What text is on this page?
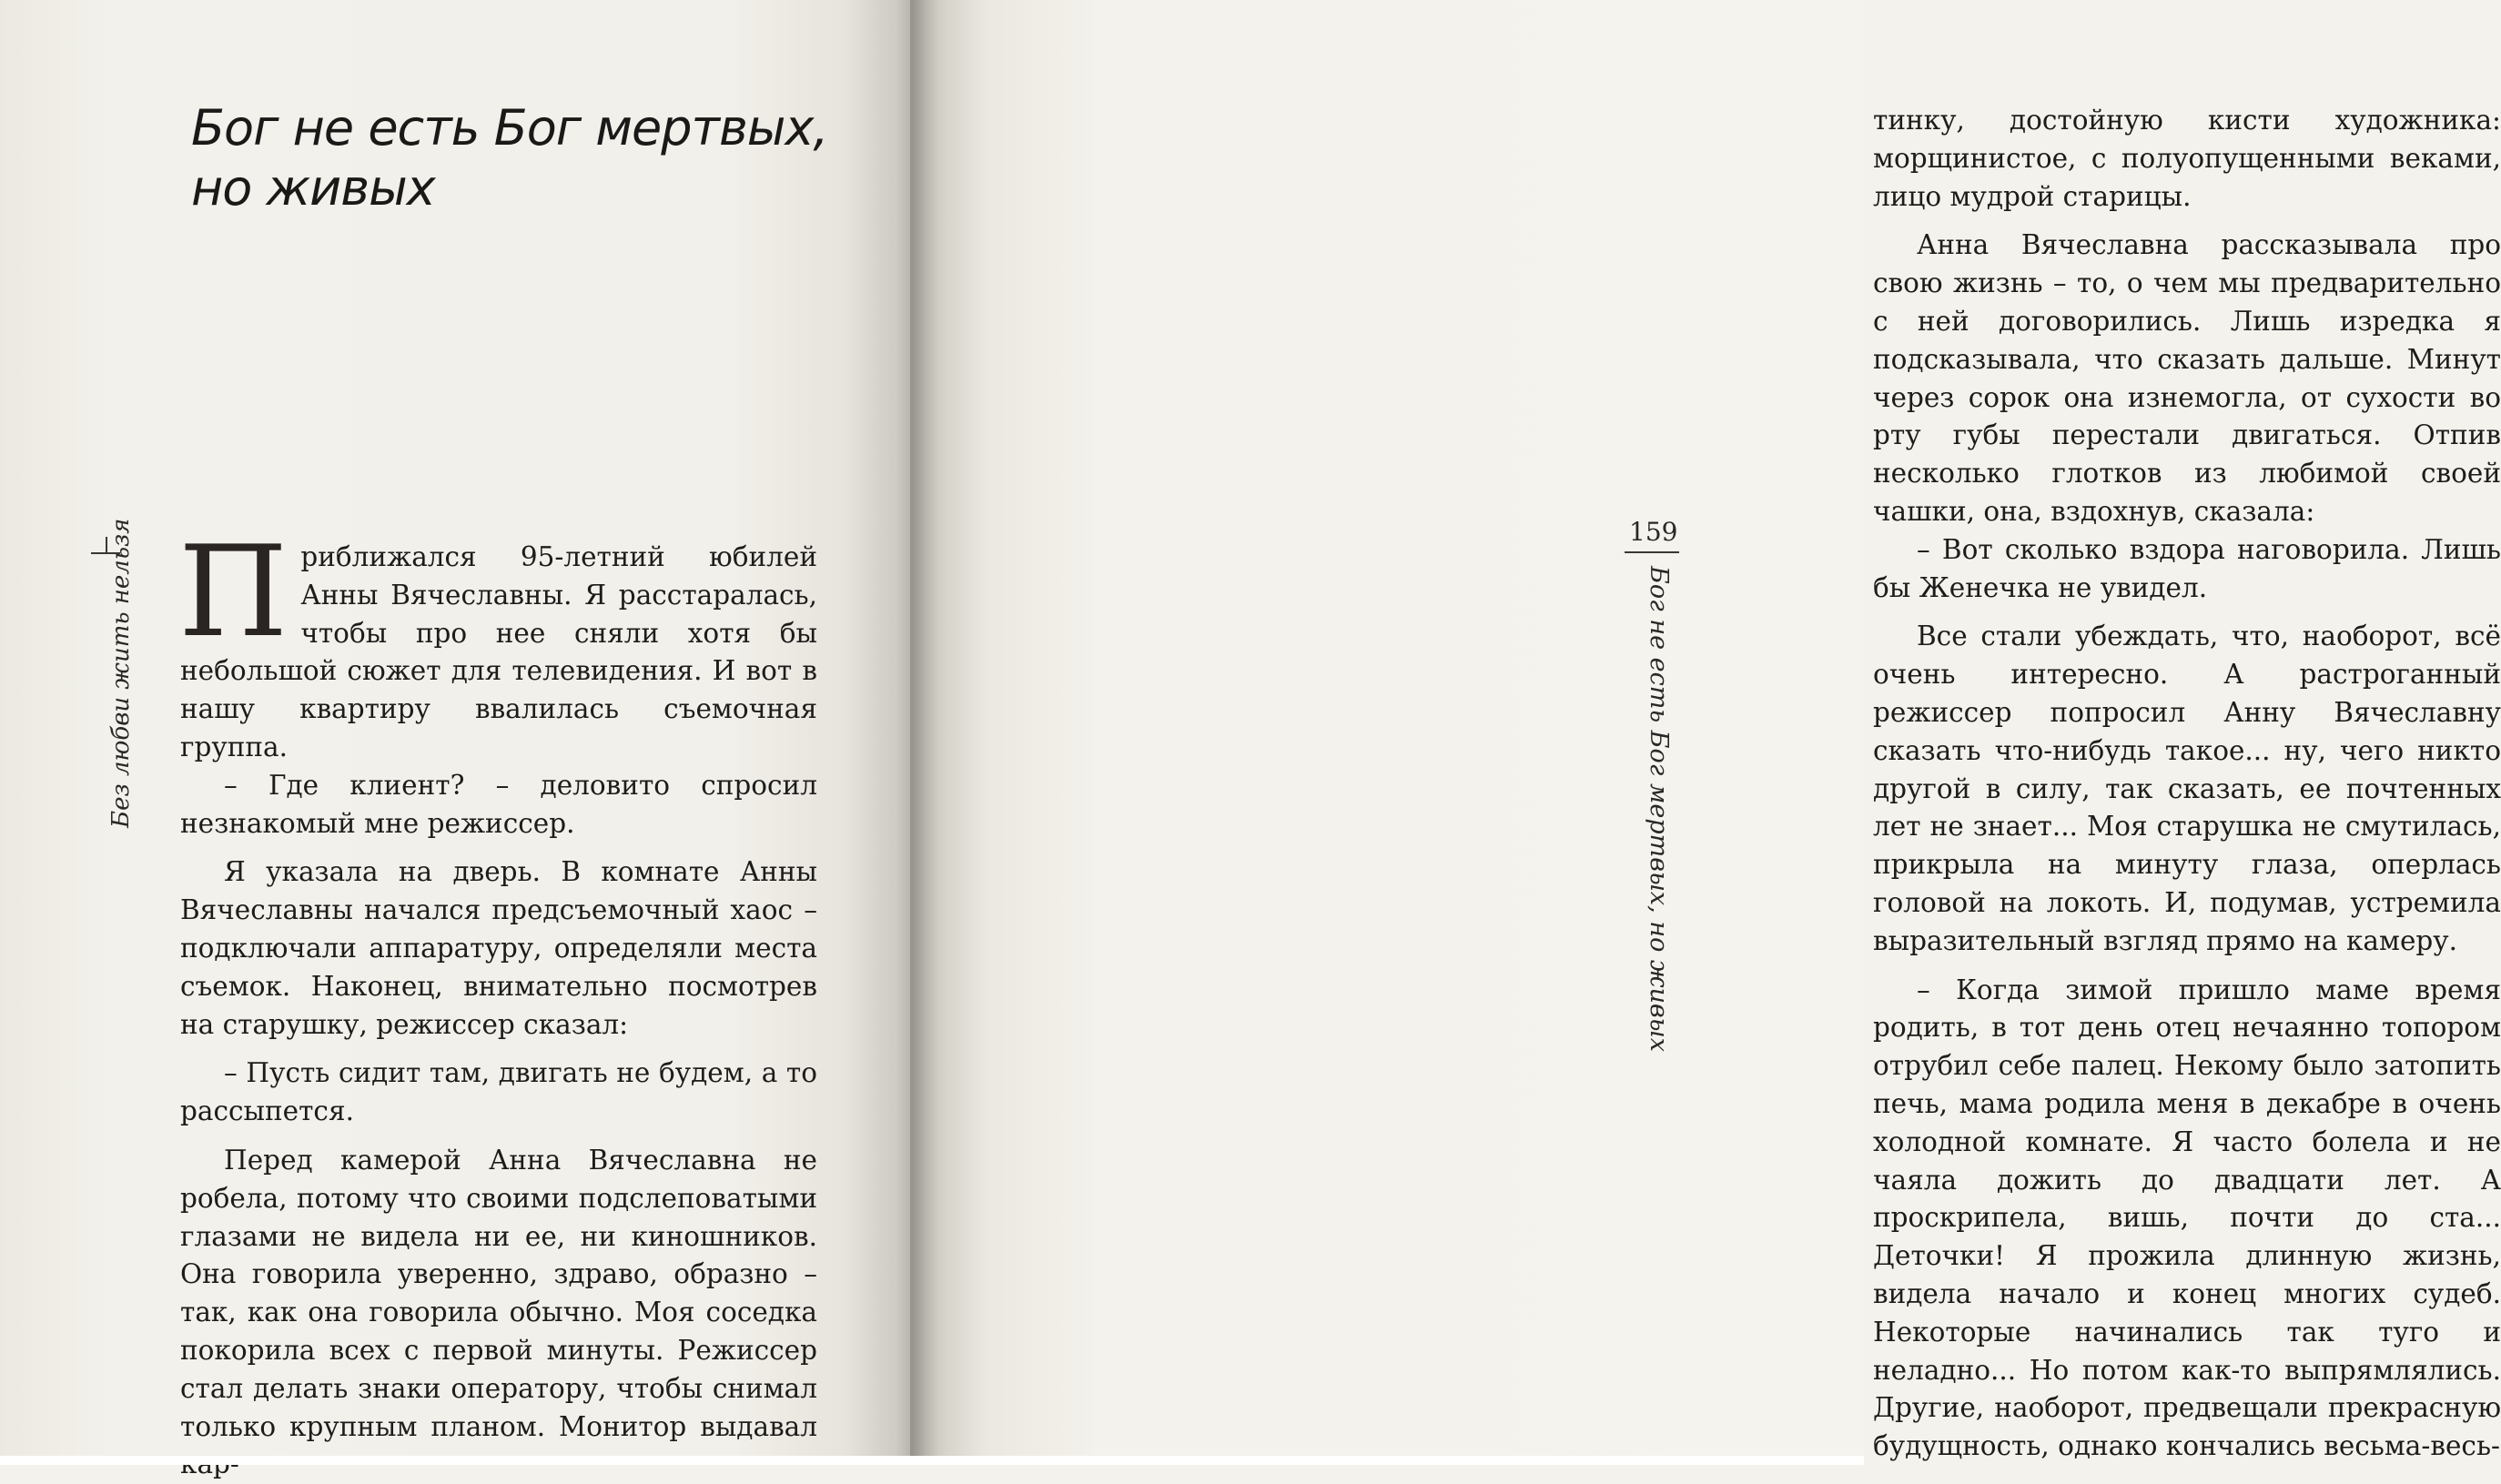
Без любви жить нельзя
Бог не есть Бог мертвых,
но живых

Приближался 95-летний юбилей Анны Вячеславны. Я расстаралась, чтобы про нее сняли хотя бы небольшой сюжет для телевидения. И вот в нашу квартиру ввалилась съемочная группа.

– Где клиент? – деловито спросил незнакомый мне режиссер.

Я указала на дверь. В комнате Анны Вячеславны начался предсъемочный хаос – подключали аппаратуру, определяли места съемок. Наконец, внимательно посмотрев на старушку, режиссер сказал:

– Пусть сидит там, двигать не будем, а то рассыпется.

Перед камерой Анна Вячеславна не робела, потому что своими подслеповатыми глазами не видела ни ее, ни киношников. Она говорила уверенно, здраво, образно – так, как она говорила обычно. Моя соседка покорила всех с первой минуты. Режиссер стал делать знаки оператору, чтобы снимал только крупным планом. Монитор выдавал

тинку, достойную кисти художника: морщинистое, с полуопущенными веками, лицо мудрой старицы.

Анна Вячеславна рассказывала про свою жизнь – то, о чем мы предварительно с ней договорились. Лишь изредка я подсказывала, что сказать дальше. Минут через сорок она изнемогла, от сухости во рту губы перестали двигаться. Отпив несколько глотков из любимой своей чашки, она, вздохнув, сказала:

– Вот сколько вздора наговорила. Лишь бы Женечка не увидел.

Все стали убеждать, что, наоборот, всё очень интересно. А растроганный режиссер попросил Анну Вячеславну сказать что-нибудь такое... ну, чего никто другой в силу, так сказать, ее почтенных лет не знает... Моя старушка не смутилась, прикрыла на минуту глаза, оперлась головой на локоть. И, подумав, устремила выразительный взгляд прямо на камеру.

– Когда зимой пришло маме время родить, в тот день отец нечаянно топором отрубил себе палец. Некому было затопить печь, мама родила меня в декабре в очень холодной комнате. Я часто болела и не чаяла дожить до двадцати лет. А проскрипела, вишь, почти до ста... Деточки! Я прожила длинную жизнь, видела начало и конец многих судеб. Некоторые начинались так туго и неладно... Но потом как-то выпрямлялись. Другие, наоборот, предвещали прекрасную будущность, однако кончались весьма-весь-

159
Бог не есть Бог мертвых, но живых
